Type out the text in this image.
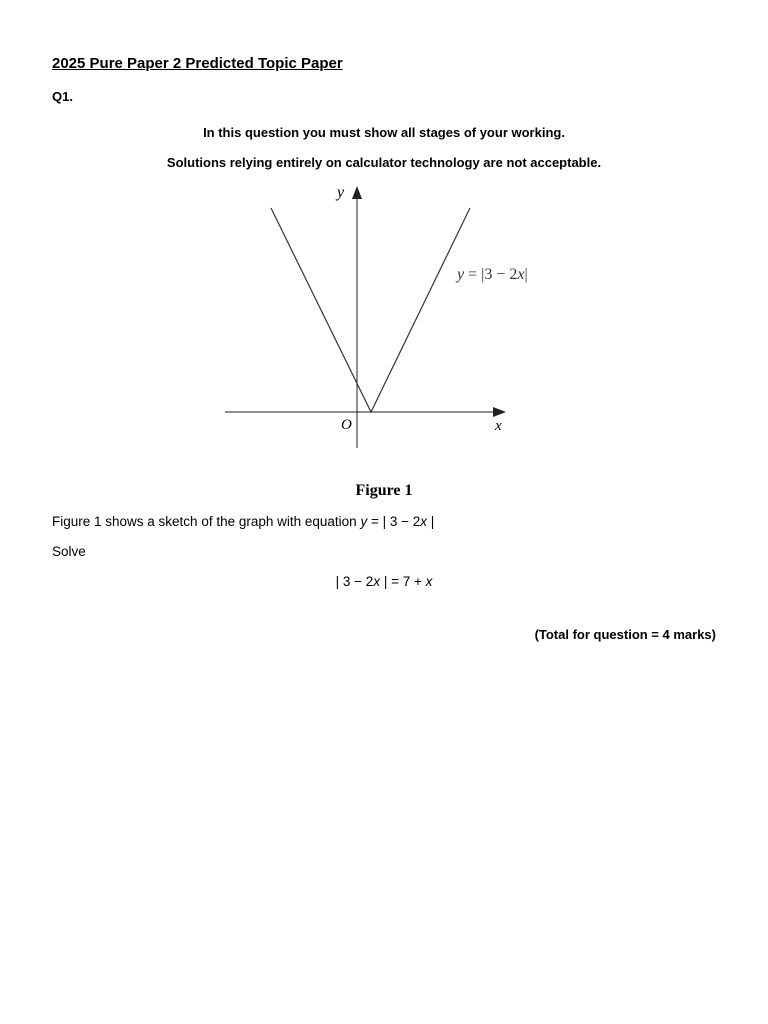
2025 Pure Paper 2 Predicted Topic Paper
Q1.
In this question you must show all stages of your working.
Solutions relying entirely on calculator technology are not acceptable.
y
x
O
y = |3 − 2x|
Figure 1
Figure 1 shows a sketch of the graph with equation y = | 3 − 2x |
Solve
| 3 − 2x | = 7 + x
(Total for question = 4 marks)
